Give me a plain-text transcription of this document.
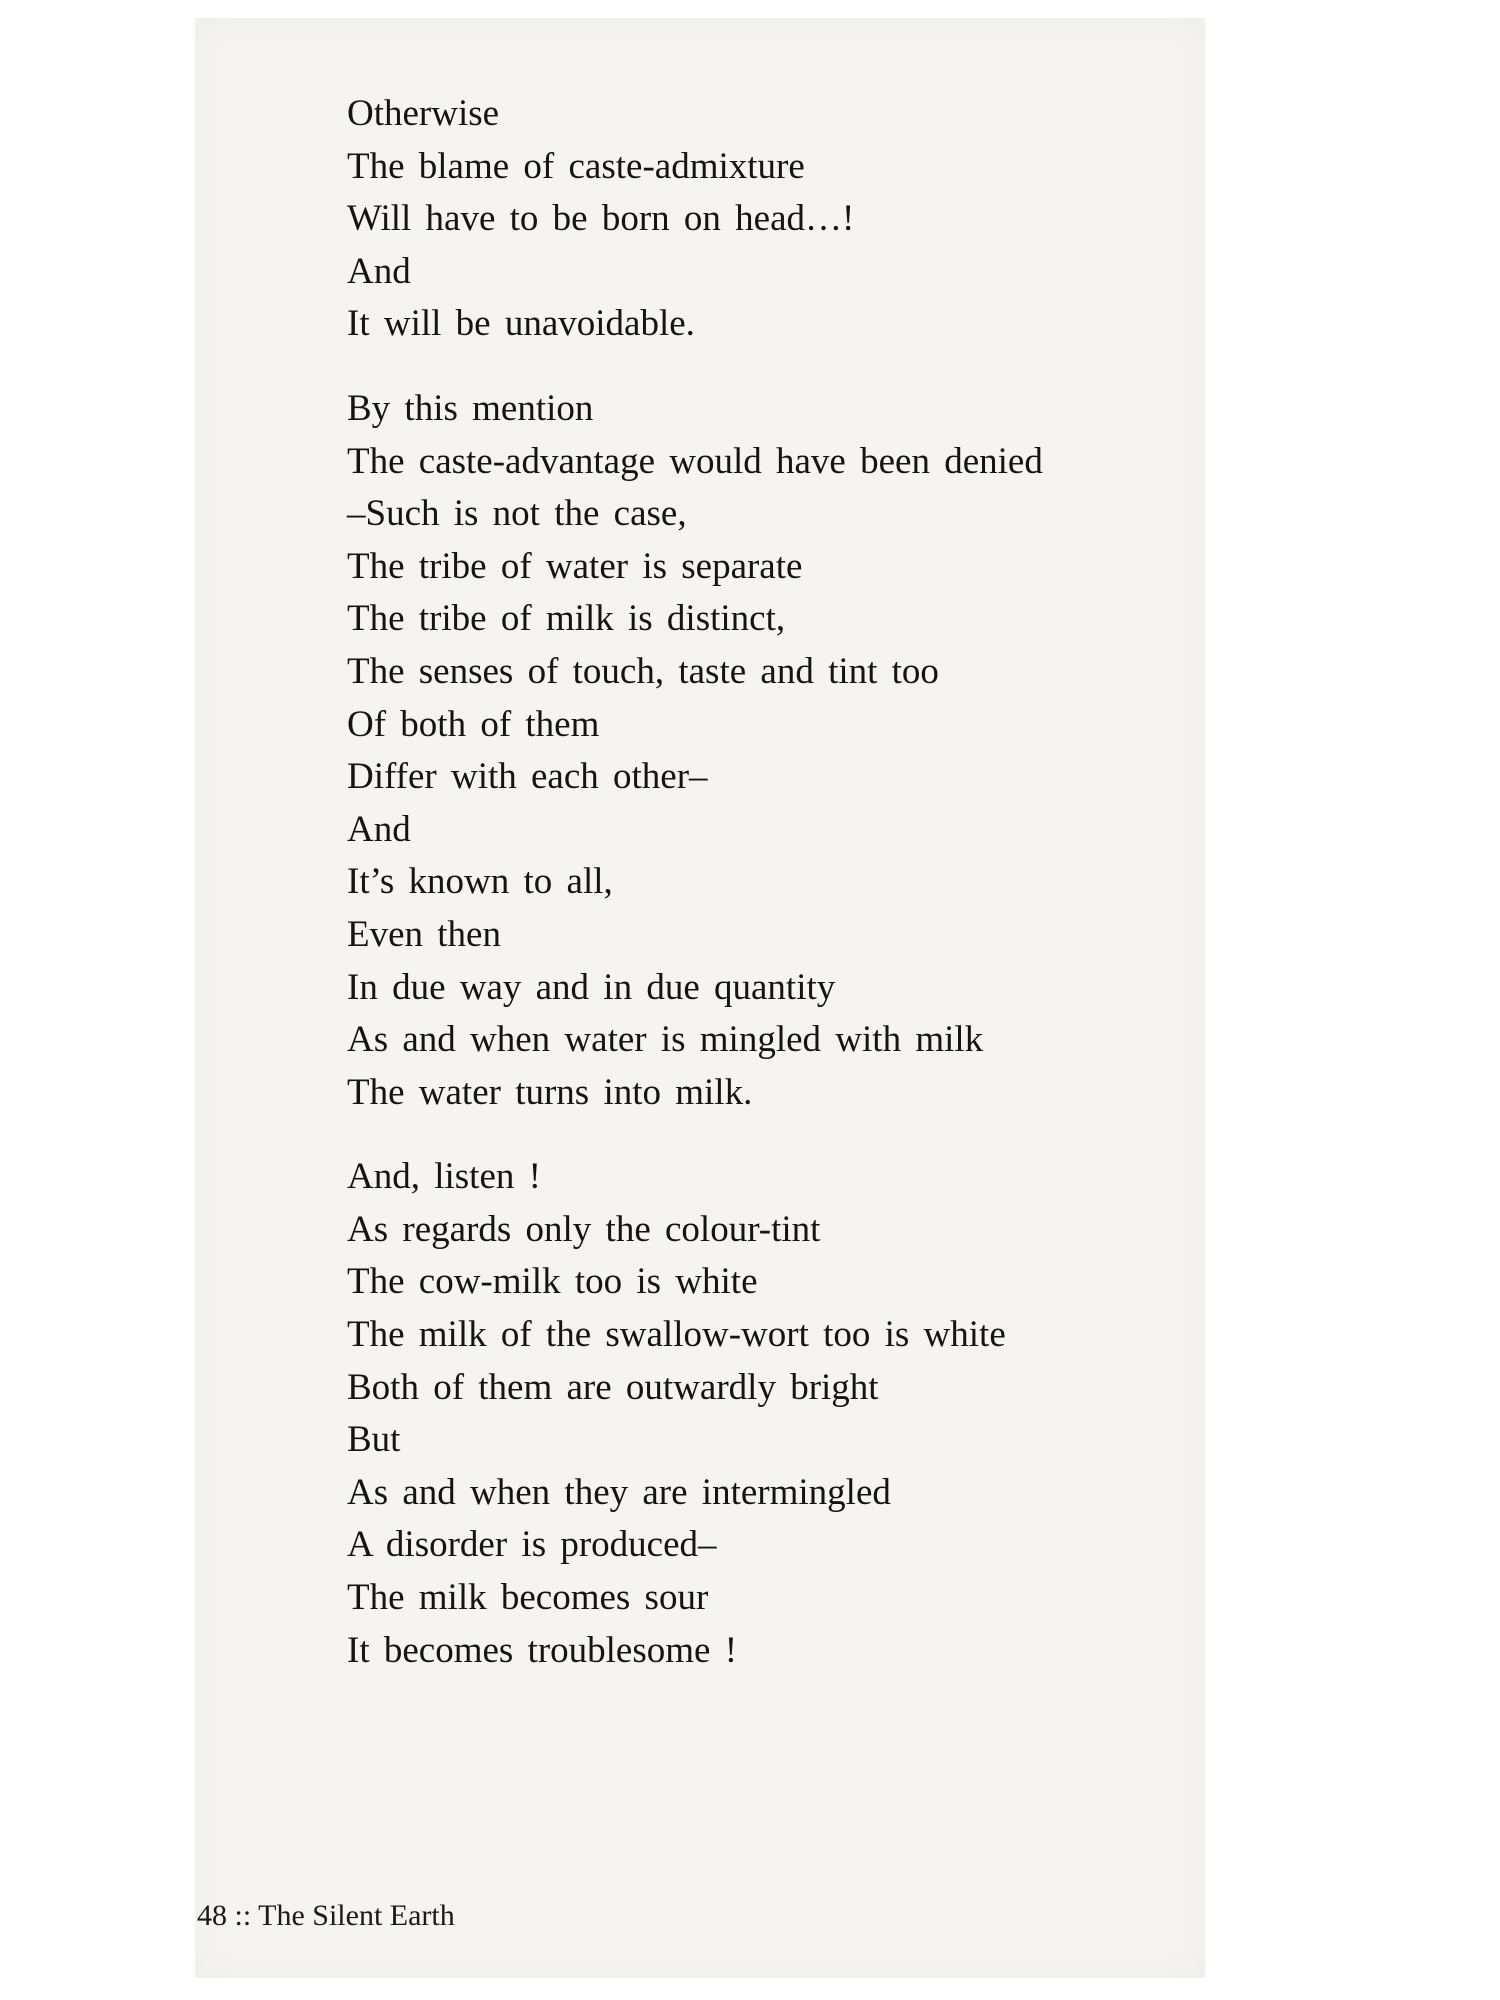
Otherwise
The blame of caste-admixture
Will have to be born on head…!
And
It will be unavoidable.
By this mention
The caste-advantage would have been denied
–Such is not the case,
The tribe of water is separate
The tribe of milk is distinct,
The senses of touch, taste and tint too
Of both of them
Differ with each other–
And
It’s known to all,
Even then
In due way and in due quantity
As and when water is mingled with milk
The water turns into milk.
And, listen !
As regards only the colour-tint
The cow-milk too is white
The milk of the swallow-wort too is white
Both of them are outwardly bright
But
As and when they are intermingled
A disorder is produced–
The milk becomes sour
It becomes troublesome !
48 :: The Silent Earth
